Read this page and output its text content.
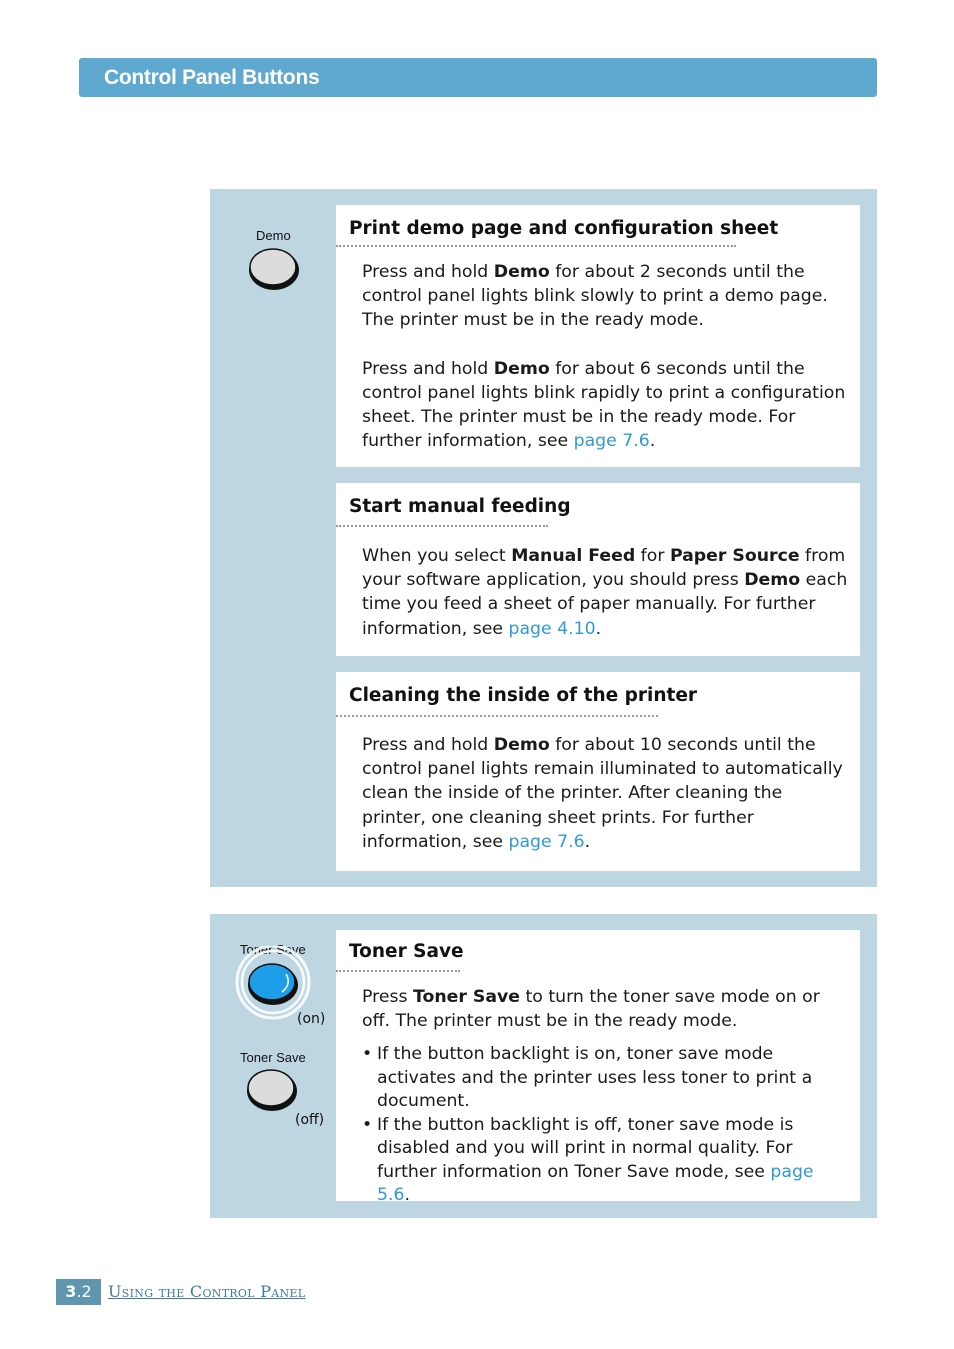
Control Panel Buttons
Demo	Print demo page and configuration sheet

Press and hold Demo for about 2 seconds until the control panel lights blink slowly to print a demo page. The printer must be in the ready mode.

Press and hold Demo for about 6 seconds until the control panel lights blink rapidly to print a configuration sheet. The printer must be in the ready mode. For further information, see page 7.6.

Start manual feeding

When you select Manual Feed for Paper Source from your software application, you should press Demo each time you feed a sheet of paper manually. For further information, see page 4.10.

Cleaning the inside of the printer

Press and hold Demo for about 10 seconds until the control panel lights remain illuminated to automatically clean the inside of the printer. After cleaning the printer, one cleaning sheet prints. For further information, see page 7.6.

Toner Save
(on)
Toner Save
(off)
Toner Save

Press Toner Save to turn the toner save mode on or off. The printer must be in the ready mode.

• If the button backlight is on, toner save mode activates and the printer uses less toner to print a document.
• If the button backlight is off, toner save mode is disabled and you will print in normal quality. For further information on Toner Save mode, see page 5.6.
3.2	Using the Control Panel
